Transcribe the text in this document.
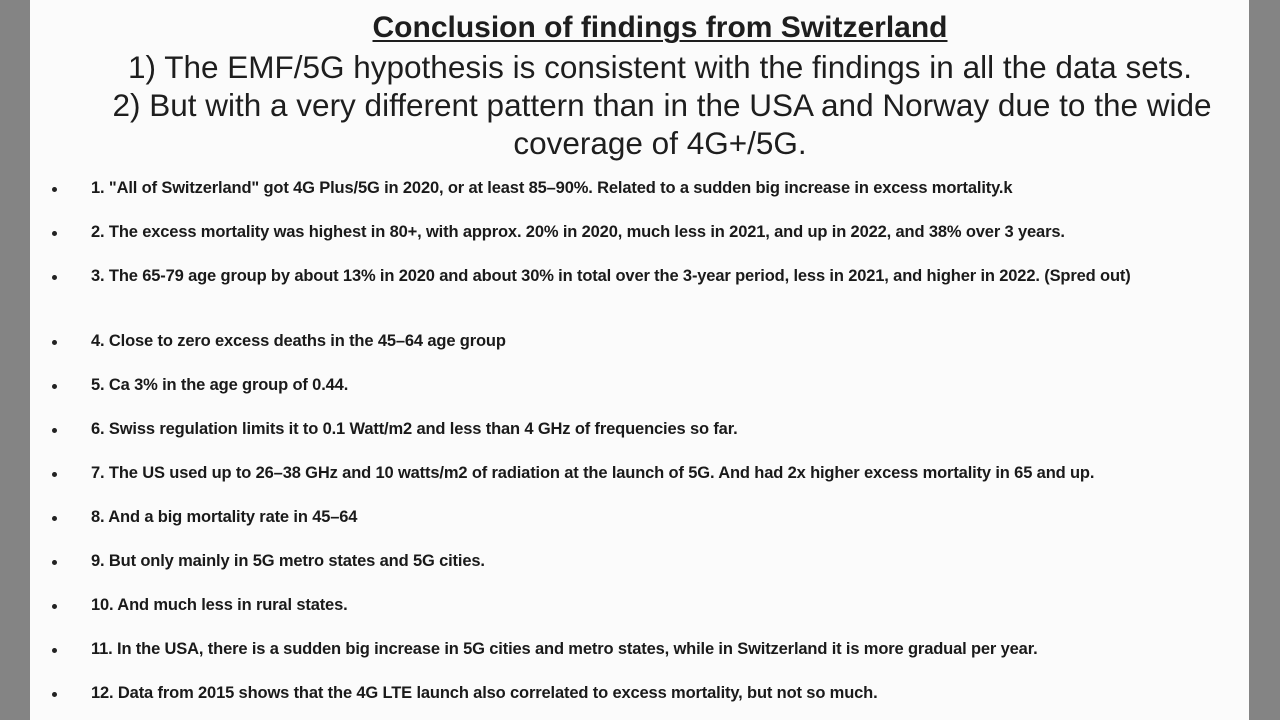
Conclusion of findings from Switzerland

1) The EMF/5G hypothesis is consistent with the findings in all the data sets.

2) But with a very different pattern than in the USA and Norway due to the wide

coverage of 4G+/5G.

1. "All of Switzerland" got 4G Plus/5G in 2020, or at least 85–90%. Related to a sudden big increase in excess mortality.k
2. The excess mortality was highest in 80+, with approx. 20% in 2020, much less in 2021, and up in 2022, and 38% over 3 years.
3. The 65-79 age group by about 13% in 2020 and about 30% in total over the 3-year period, less in 2021, and higher in 2022. (Spred out)
4. Close to zero excess deaths in the 45–64 age group
5. Ca 3% in the age group of 0.44.
6. Swiss regulation limits it to 0.1 Watt/m2 and less than 4 GHz of frequencies so far.
7. The US used up to 26–38 GHz and 10 watts/m2 of radiation at the launch of 5G. And had 2x higher excess mortality in 65 and up.
8. And a big mortality rate in 45–64
9. But only mainly in 5G metro states and 5G cities.
10. And much less in rural states.
11. In the USA, there is a sudden big increase in 5G cities and metro states, while in Switzerland it is more gradual per year.
12. Data from 2015 shows that the 4G LTE launch also correlated to excess mortality, but not so much.
